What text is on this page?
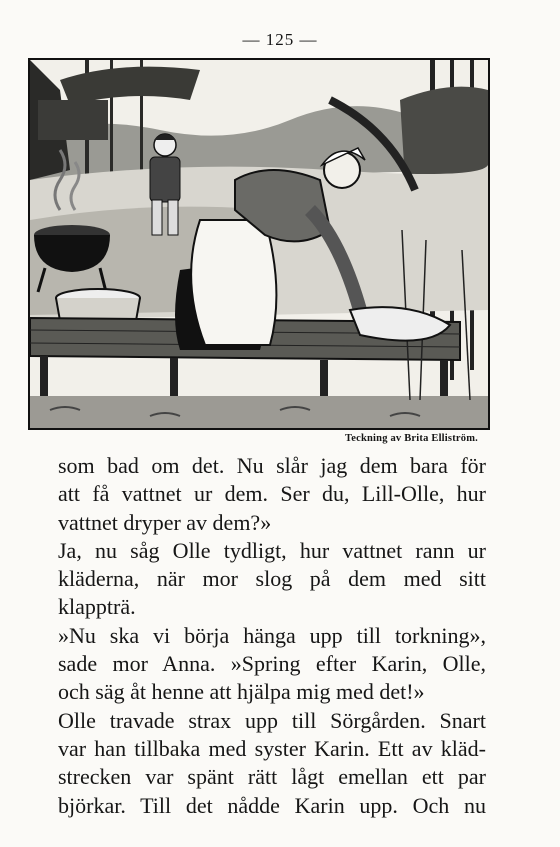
— 125 —
Teckning av Brita Elliström.

som bad om det. Nu slår jag dem bara för

att få vattnet ur dem. Ser du, Lill-Olle, hur

vattnet dryper av dem?»

Ja, nu såg Olle tydligt, hur vattnet rann ur

kläderna, när mor slog på dem med sitt

klappträ.

»Nu ska vi börja hänga upp till torkning»,

sade mor Anna. »Spring efter Karin, Olle,

och säg åt henne att hjälpa mig med det!»

Olle travade strax upp till Sörgården. Snart

var han tillbaka med syster Karin. Ett av kläd-

strecken var spänt rätt lågt emellan ett par

björkar. Till det nådde Karin upp. Och nu
